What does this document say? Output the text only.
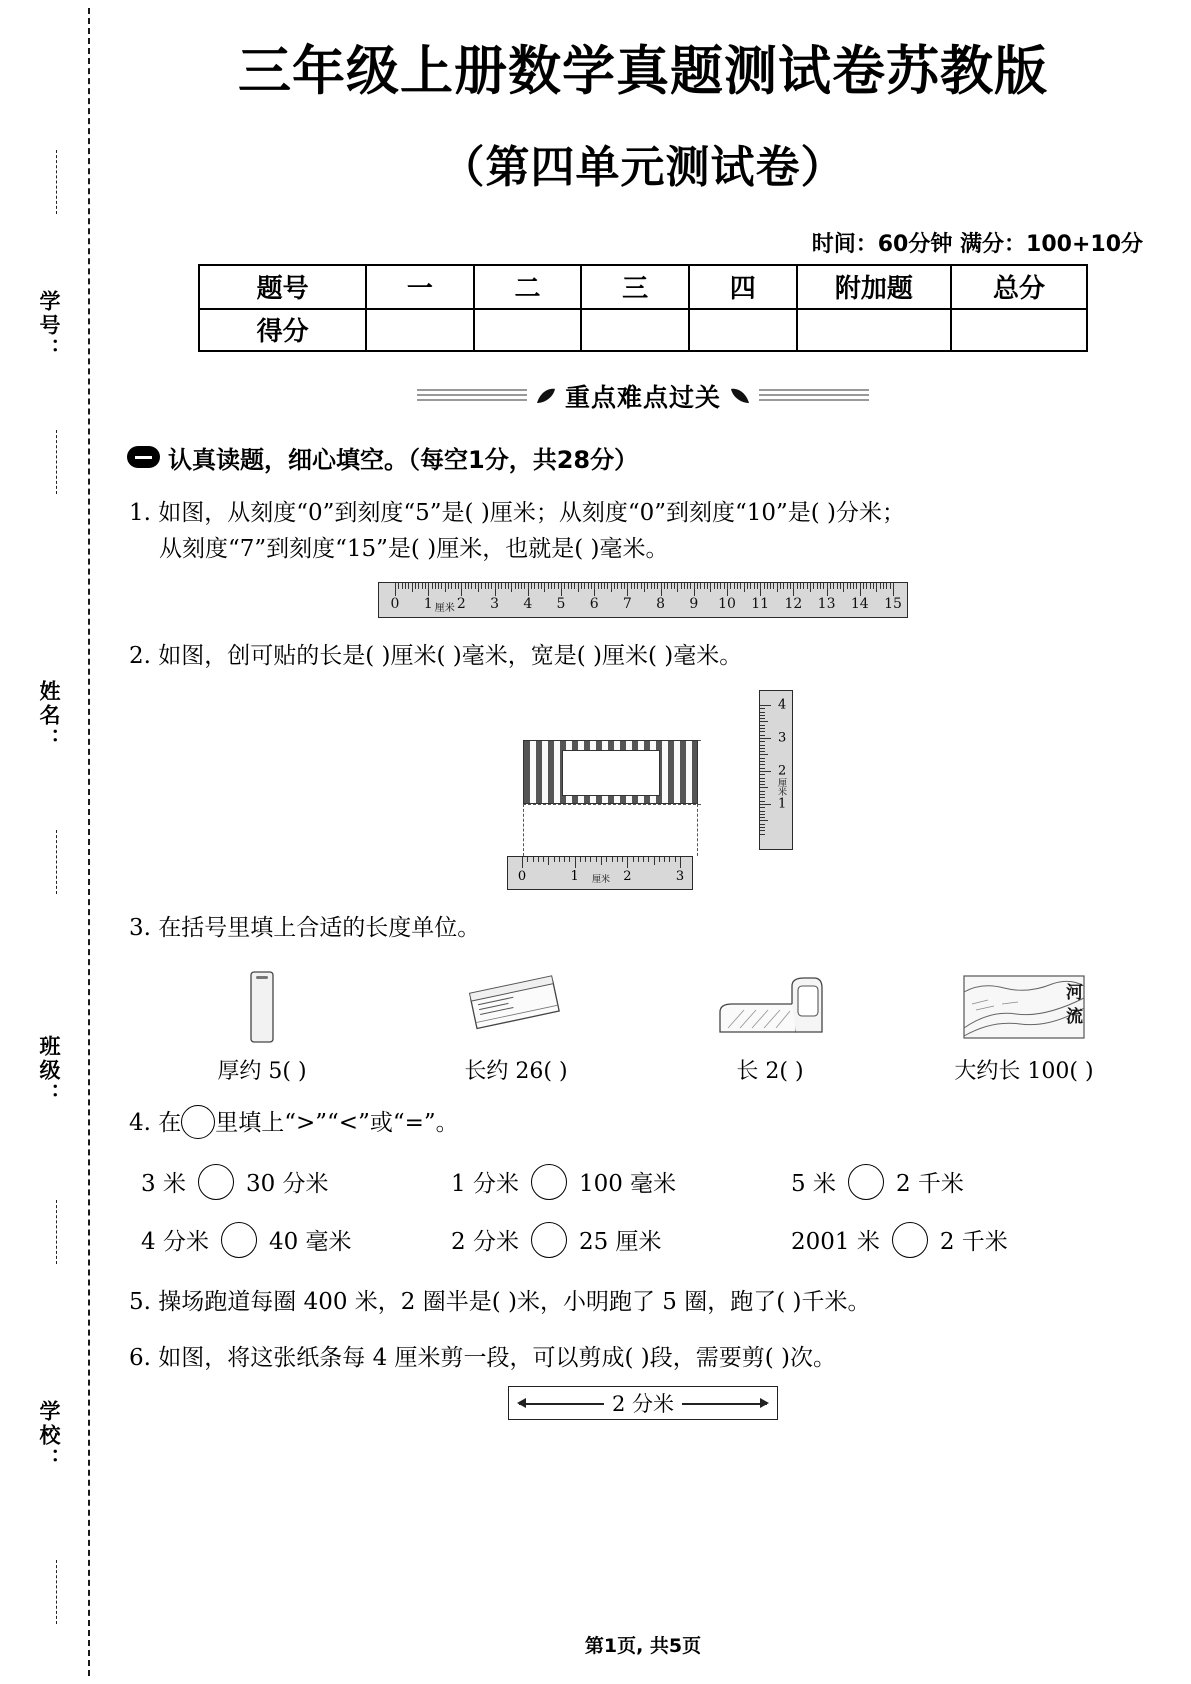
学号：
姓名：
班级：
学校：
三年级上册数学真题测试卷苏教版
（第四单元测试卷）
时间：60分钟 满分：100+10分
题号	一	二	三	四	附加题	总分
得分						
重点难点过关
认真读题，细心填空。（每空1分，共28分）
1. 如图，从刻度“0”到刻度“5”是( )厘米；从刻度“0”到刻度“10”是( )分米；
从刻度“7”到刻度“15”是( )厘米，也就是( )毫米。
0 1 2 3 4 5 6 7 8 9 10 11 12 13 14 15
厘米
2. 如图，创可贴的长是( )厘米( )毫米，宽是( )厘米( )毫米。
1
2
3
4
厘米
0	1	2	3
厘米
3. 在括号里填上合适的长度单位。
厚约 5( )	长约 26( )	长 2( )
河
流
大约长 100( )
4. 在 里填上“>”“<”或“=”。
3 米	30 分米	1 分米	100 毫米	5 米	2 千米
4 分米	40 毫米	2 分米	25 厘米	2001 米	2 千米
5. 操场跑道每圈 400 米，2 圈半是( )米，小明跑了 5 圈，跑了( )千米。
6. 如图，将这张纸条每 4 厘米剪一段，可以剪成( )段，需要剪( )次。
2 分米
第1页, 共5页
